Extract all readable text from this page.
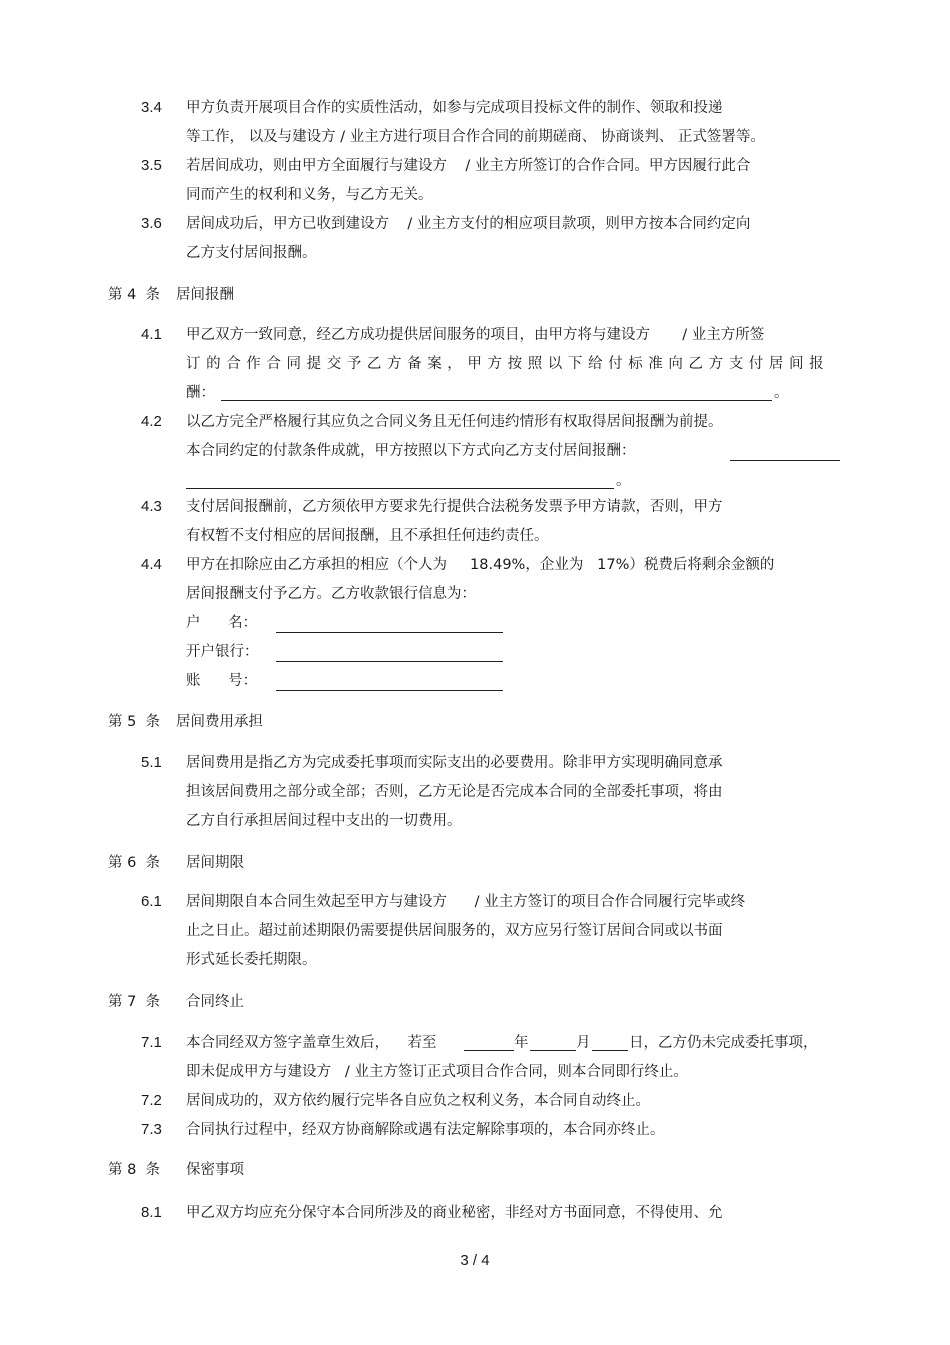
3.4 甲方负责开展项目合作的实质性活动，如参与完成项目投标文件的制作、领取和投递
等工作， 以及与建设方 / 业主方进行项目合作合同的前期磋商、 协商谈判、 正式签署等。
3.5 若居间成功，则由甲方全面履行与建设方    / 业主方所签订的合作合同。甲方因履行此合
同而产生的权利和义务，与乙方无关。
3.6 居间成功后，甲方已收到建设方    / 业主方支付的相应项目款项，则甲方按本合同约定向
乙方支付居间报酬。
第 4  条 居间报酬
4.1 甲乙双方一致同意，经乙方成功提供居间服务的项目，由甲方将与建设方       / 业主方所签
订的合作合同提交予乙方备案，甲方按照以下给付标准向乙方支付居间报
酬：	。
4.2 以乙方完全严格履行其应负之合同义务且无任何违约情形有权取得居间报酬为前提。
本合同约定的付款条件成就，甲方按照以下方式向乙方支付居间报酬：
。
4.3 支付居间报酬前，乙方须依甲方要求先行提供合法税务发票予甲方请款，否则，甲方
有权暂不支付相应的居间报酬，且不承担任何违约责任。
4.4 甲方在扣除应由乙方承担的相应（个人为     18.49%，企业为   17%）税费后将剩余金额的
居间报酬支付予乙方。乙方收款银行信息为：
户      名：
开户银行：
账      号：
第 5  条 居间费用承担
5.1 居间费用是指乙方为完成委托事项而实际支出的必要费用。除非甲方实现明确同意承
担该居间费用之部分或全部；否则，乙方无论是否完成本合同的全部委托事项，将由
乙方自行承担居间过程中支出的一切费用。
第 6  条 居间期限
6.1 居间期限自本合同生效起至甲方与建设方      / 业主方签订的项目合作合同履行完毕或终
止之日止。超过前述期限仍需要提供居间服务的，双方应另行签订居间合同或以书面
形式延长委托期限。
第 7  条 合同终止
7.1 本合同经双方签字盖章生效后，    若至	年	月	日，乙方仍未完成委托事项，
即未促成甲方与建设方   / 业主方签订正式项目合作合同，则本合同即行终止。
7.2 居间成功的，双方依约履行完毕各自应负之权利义务，本合同自动终止。
7.3 合同执行过程中，经双方协商解除或遇有法定解除事项的，本合同亦终止。
第 8  条 保密事项
8.1 甲乙双方均应充分保守本合同所涉及的商业秘密，非经对方书面同意，不得使用、允
3 / 4
